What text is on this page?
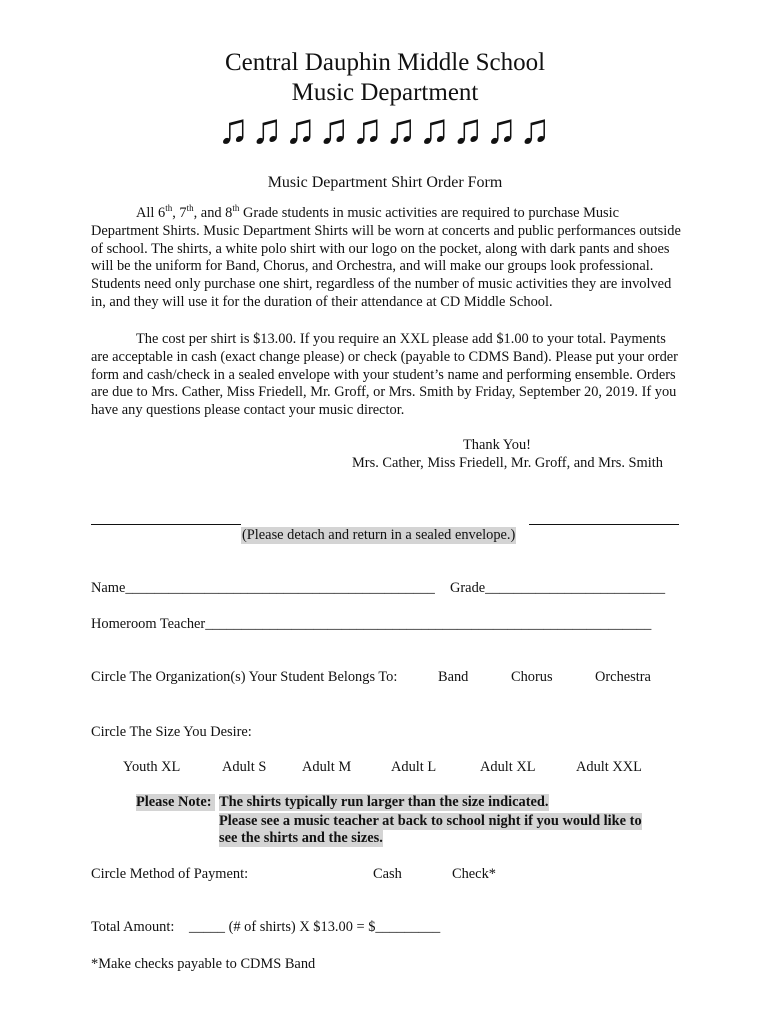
Central Dauphin Middle School
Music Department
♫♫♫♫♫♫♫♫♫♫
Music Department Shirt Order Form
All 6th, 7th, and 8th Grade students in music activities are required to purchase Music Department Shirts. Music Department Shirts will be worn at concerts and public performances outside of school. The shirts, a white polo shirt with our logo on the pocket, along with dark pants and shoes will be the uniform for Band, Chorus, and Orchestra, and will make our groups look professional. Students need only purchase one shirt, regardless of the number of music activities they are involved in, and they will use it for the duration of their attendance at CD Middle School.
The cost per shirt is $13.00. If you require an XXL please add $1.00 to your total. Payments are acceptable in cash (exact change please) or check (payable to CDMS Band). Please put your order form and cash/check in a sealed envelope with your student’s name and performing ensemble. Orders are due to Mrs. Cather, Miss Friedell, Mr. Groff, or Mrs. Smith by Friday, September 20, 2019. If you have any questions please contact your music director.
Thank You!
Mrs. Cather, Miss Friedell, Mr. Groff, and Mrs. Smith
(Please detach and return in a sealed envelope.)
Name___________________________________________ Grade_________________________
Homeroom Teacher______________________________________________________________
Circle The Organization(s) Your Student Belongs To:	Band	Chorus	Orchestra
Circle The Size You Desire:
Youth XL	Adult S Adult M	Adult L	Adult XL	Adult XXL
Please Note: The shirts typically run larger than the size indicated.
Please see a music teacher at back to school night if you would like to
see the shirts and the sizes.
Circle Method of Payment:	Cash	Check*
Total Amount: _____ (# of shirts) X $13.00 = $_________
*Make checks payable to CDMS Band
